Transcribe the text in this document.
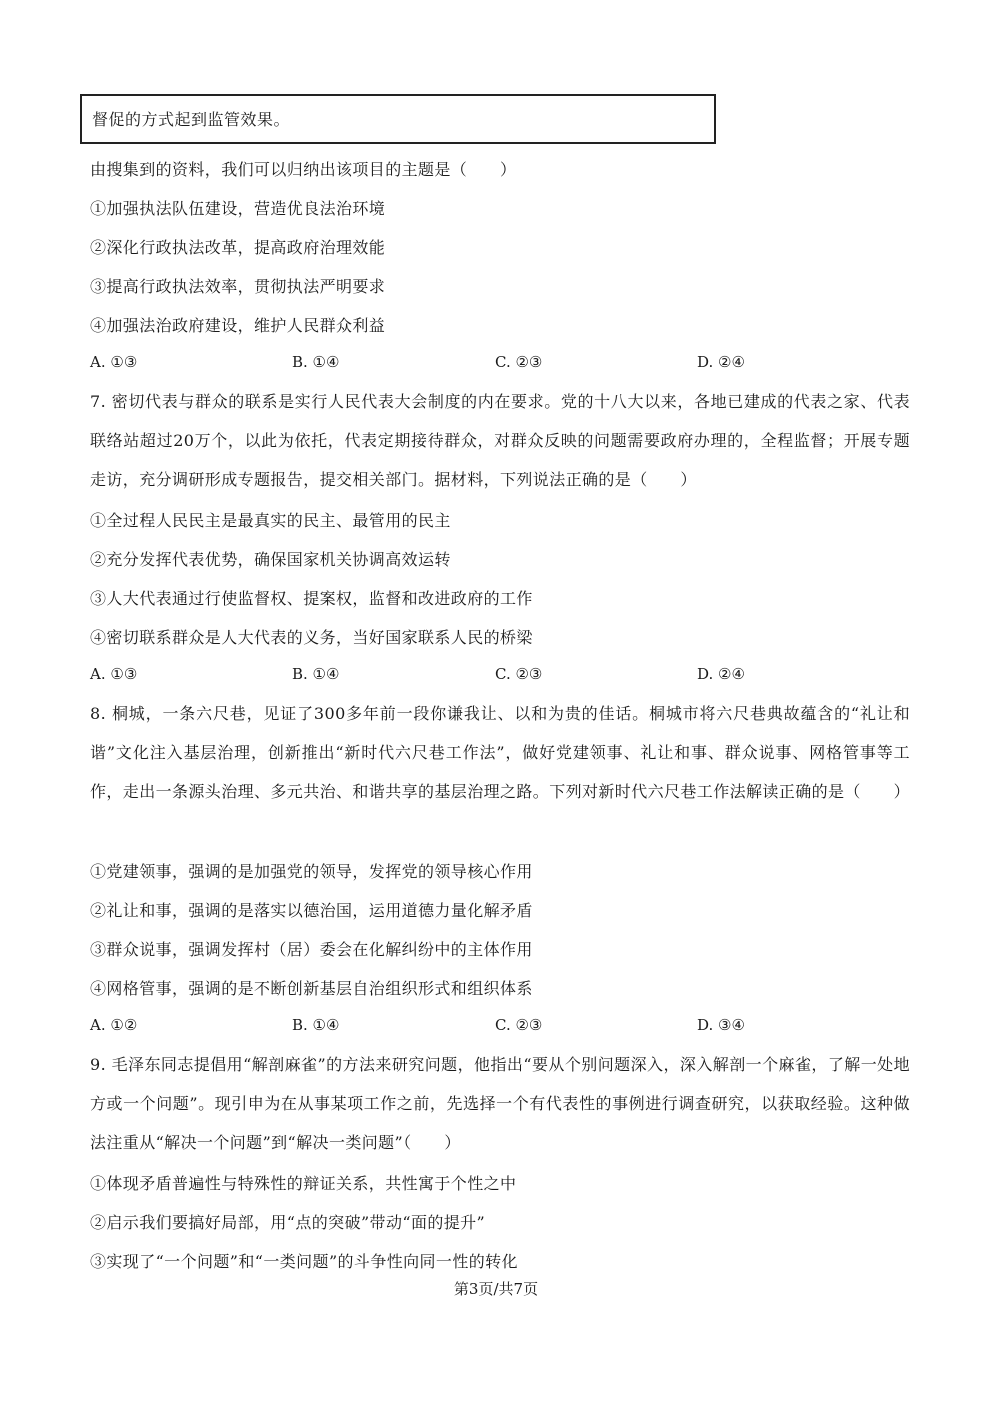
督促的方式起到监管效果。
由搜集到的资料，我们可以归纳出该项目的主题是（　　）
①加强执法队伍建设，营造优良法治环境
②深化行政执法改革，提高政府治理效能
③提高行政执法效率，贯彻执法严明要求
④加强法治政府建设，维护人民群众利益
A. ①③	B. ①④	C. ②③	D. ②④
7. 密切代表与群众的联系是实行人民代表大会制度的内在要求。党的十八大以来，各地已建成的代表之家、代表联络站超过20万个，以此为依托，代表定期接待群众，对群众反映的问题需要政府办理的，全程监督；开展专题走访，充分调研形成专题报告，提交相关部门。据材料，下列说法正确的是（　　）
①全过程人民民主是最真实的民主、最管用的民主
②充分发挥代表优势，确保国家机关协调高效运转
③人大代表通过行使监督权、提案权，监督和改进政府的工作
④密切联系群众是人大代表的义务，当好国家联系人民的桥梁
A. ①③	B. ①④	C. ②③	D. ②④
8. 桐城，一条六尺巷，见证了300多年前一段你谦我让、以和为贵的佳话。桐城市将六尺巷典故蕴含的“礼让和谐”文化注入基层治理，创新推出“新时代六尺巷工作法”，做好党建领事、礼让和事、群众说事、网格管事等工作，走出一条源头治理、多元共治、和谐共享的基层治理之路。下列对新时代六尺巷工作法解读正确的是（　　）
①党建领事，强调的是加强党的领导，发挥党的领导核心作用
②礼让和事，强调的是落实以德治国，运用道德力量化解矛盾
③群众说事，强调发挥村（居）委会在化解纠纷中的主体作用
④网格管事，强调的是不断创新基层自治组织形式和组织体系
A. ①②	B. ①④	C. ②③	D. ③④
9. 毛泽东同志提倡用“解剖麻雀”的方法来研究问题，他指出“要从个别问题深入，深入解剖一个麻雀，了解一处地方或一个问题”。现引申为在从事某项工作之前，先选择一个有代表性的事例进行调查研究，以获取经验。这种做法注重从“解决一个问题”到“解决一类问题”（　　）
①体现矛盾普遍性与特殊性的辩证关系，共性寓于个性之中
②启示我们要搞好局部，用“点的突破”带动“面的提升”
③实现了“一个问题”和“一类问题”的斗争性向同一性的转化
第3页/共7页
